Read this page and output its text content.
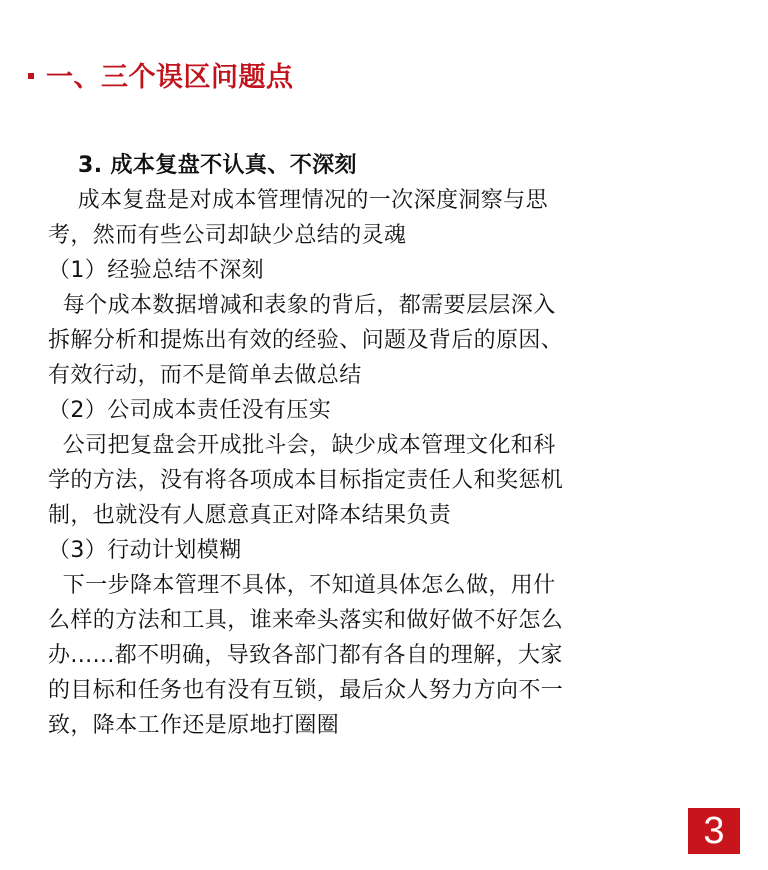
一、三个误区问题点
3. 成本复盘不认真、不深刻
成本复盘是对成本管理情况的一次深度洞察与思
考，然而有些公司却缺少总结的灵魂
（1）经验总结不深刻
每个成本数据增减和表象的背后，都需要层层深入
拆解分析和提炼出有效的经验、问题及背后的原因、
有效行动，而不是简单去做总结
（2）公司成本责任没有压实
公司把复盘会开成批斗会，缺少成本管理文化和科
学的方法，没有将各项成本目标指定责任人和奖惩机
制，也就没有人愿意真正对降本结果负责
（3）行动计划模糊
下一步降本管理不具体，不知道具体怎么做，用什
么样的方法和工具，谁来牵头落实和做好做不好怎么
办......都不明确，导致各部门都有各自的理解，大家
的目标和任务也有没有互锁，最后众人努力方向不一
致，降本工作还是原地打圈圈
3
